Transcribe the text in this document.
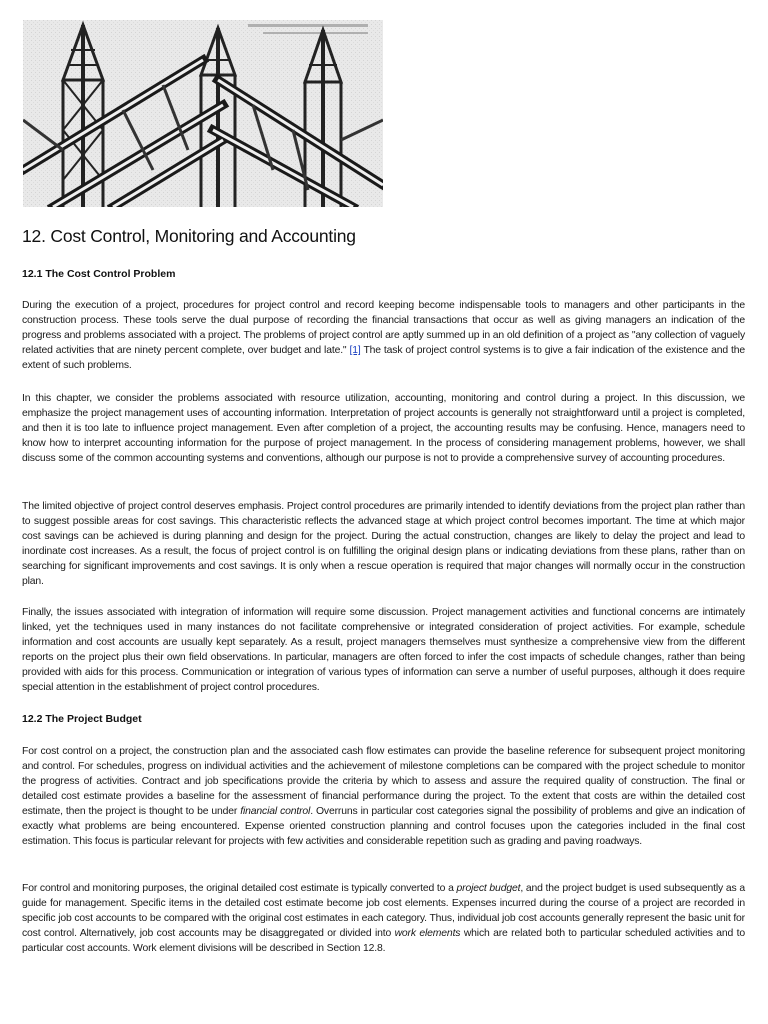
12. Cost Control, Monitoring and Accounting
12.1 The Cost Control Problem

During the execution of a project, procedures for project control and record keeping become indispensable tools to managers and other participants in the construction process. These tools serve the dual purpose of recording the financial transactions that occur as well as giving managers an indication of the progress and problems associated with a project. The problems of project control are aptly summed up in an old definition of a project as "any collection of vaguely related activities that are ninety percent complete, over budget and late." [1] The task of project control systems is to give a fair indication of the existence and the extent of such problems.

In this chapter, we consider the problems associated with resource utilization, accounting, monitoring and control during a project. In this discussion, we emphasize the project management uses of accounting information. Interpretation of project accounts is generally not straightforward until a project is completed, and then it is too late to influence project management. Even after completion of a project, the accounting results may be confusing. Hence, managers need to know how to interpret accounting information for the purpose of project management. In the process of considering management problems, however, we shall discuss some of the common accounting systems and conventions, although our purpose is not to provide a comprehensive survey of accounting procedures.

The limited objective of project control deserves emphasis. Project control procedures are primarily intended to identify deviations from the project plan rather than to suggest possible areas for cost savings. This characteristic reflects the advanced stage at which project control becomes important. The time at which major cost savings can be achieved is during planning and design for the project. During the actual construction, changes are likely to delay the project and lead to inordinate cost increases. As a result, the focus of project control is on fulfilling the original design plans or indicating deviations from these plans, rather than on searching for significant improvements and cost savings. It is only when a rescue operation is required that major changes will normally occur in the construction plan.

Finally, the issues associated with integration of information will require some discussion. Project management activities and functional concerns are intimately linked, yet the techniques used in many instances do not facilitate comprehensive or integrated consideration of project activities. For example, schedule information and cost accounts are usually kept separately. As a result, project managers themselves must synthesize a comprehensive view from the different reports on the project plus their own field observations. In particular, managers are often forced to infer the cost impacts of schedule changes, rather than being provided with aids for this process. Communication or integration of various types of information can serve a number of useful purposes, although it does require special attention in the establishment of project control procedures.

12.2 The Project Budget

For cost control on a project, the construction plan and the associated cash flow estimates can provide the baseline reference for subsequent project monitoring and control. For schedules, progress on individual activities and the achievement of milestone completions can be compared with the project schedule to monitor the progress of activities. Contract and job specifications provide the criteria by which to assess and assure the required quality of construction. The final or detailed cost estimate provides a baseline for the assessment of financial performance during the project. To the extent that costs are within the detailed cost estimate, then the project is thought to be under financial control. Overruns in particular cost categories signal the possibility of problems and give an indication of exactly what problems are being encountered. Expense oriented construction planning and control focuses upon the categories included in the final cost estimation. This focus is particular relevant for projects with few activities and considerable repetition such as grading and paving roadways.

For control and monitoring purposes, the original detailed cost estimate is typically converted to a project budget, and the project budget is used subsequently as a guide for management. Specific items in the detailed cost estimate become job cost elements. Expenses incurred during the course of a project are recorded in specific job cost accounts to be compared with the original cost estimates in each category. Thus, individual job cost accounts generally represent the basic unit for cost control. Alternatively, job cost accounts may be disaggregated or divided into work elements which are related both to particular scheduled activities and to particular cost accounts. Work element divisions will be described in Section 12.8.
